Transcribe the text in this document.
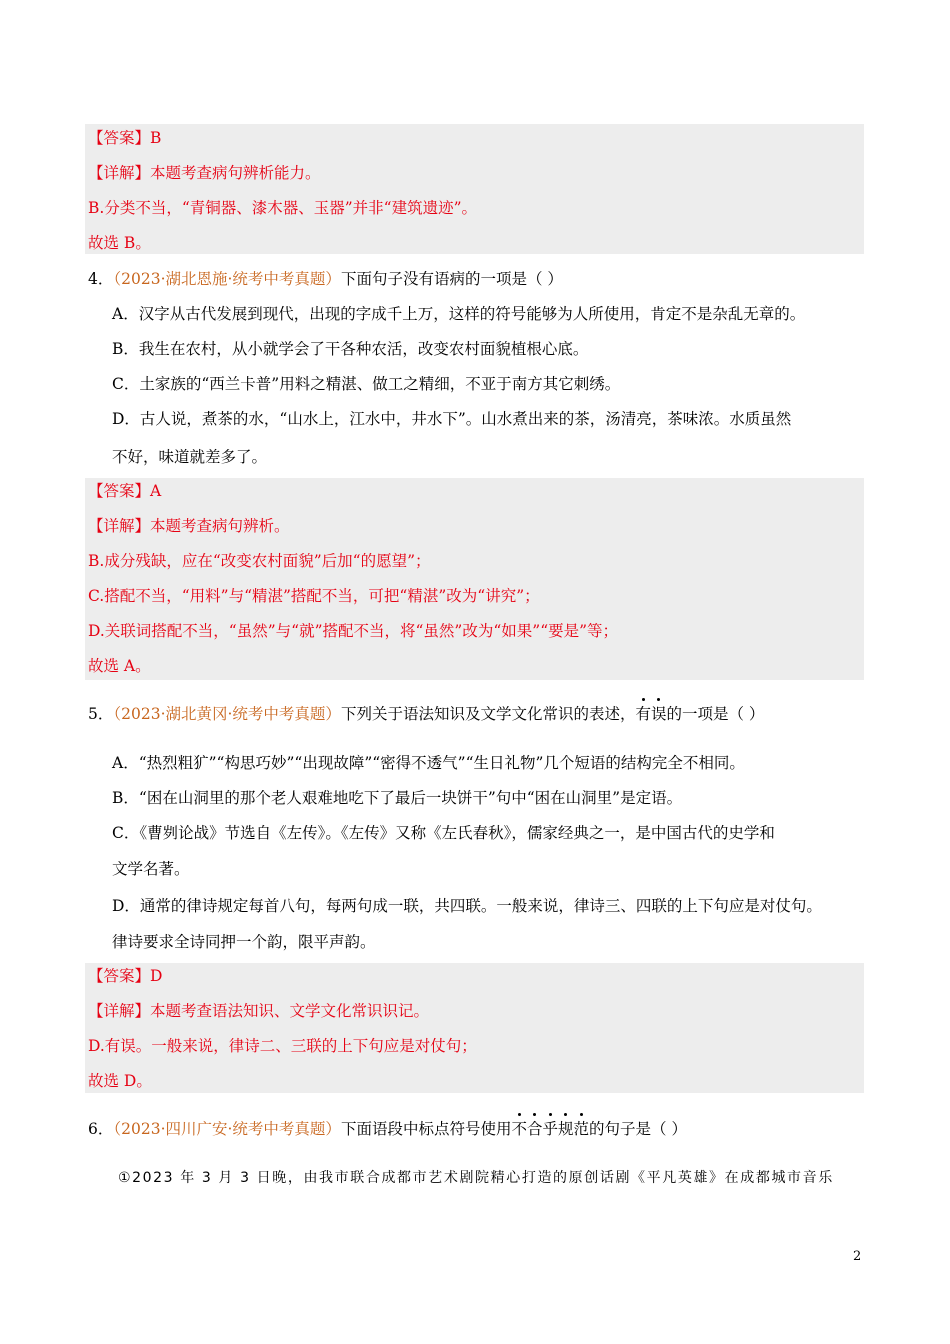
【答案】B
【详解】本题考查病句辨析能力。
B.分类不当，“青铜器、漆木器、玉器”并非“建筑遗迹”。
故选 B。
4．（2023·湖北恩施·统考中考真题）下面句子没有语病的一项是（ ）
A．汉字从古代发展到现代，出现的字成千上万，这样的符号能够为人所使用，肯定不是杂乱无章的。
B．我生在农村，从小就学会了干各种农活，改变农村面貌植根心底。
C．土家族的“西兰卡普”用料之精湛、做工之精细，不亚于南方其它刺绣。
D．古人说，煮茶的水，“山水上，江水中，井水下”。山水煮出来的茶，汤清亮，茶味浓。水质虽然
不好，味道就差多了。
【答案】A
【详解】本题考查病句辨析。
B.成分残缺，应在“改变农村面貌”后加“的愿望”；
C.搭配不当，“用料”与“精湛”搭配不当，可把“精湛”改为“讲究”；
D.关联词搭配不当，“虽然”与“就”搭配不当，将“虽然”改为“如果”“要是”等；
故选 A。
5．（2023·湖北黄冈·统考中考真题）下列关于语法知识及文学文化常识的表述，有误的一项是（ ）
A．“热烈粗犷”“构思巧妙”“出现故障”“密得不透气”“生日礼物”几个短语的结构完全不相同。
B．“困在山洞里的那个老人艰难地吃下了最后一块饼干”句中“困在山洞里”是定语。
C．《曹刿论战》节选自《左传》。《左传》又称《左氏春秋》，儒家经典之一，是中国古代的史学和
文学名著。
D．通常的律诗规定每首八句，每两句成一联，共四联。一般来说，律诗三、四联的上下句应是对仗句。
律诗要求全诗同押一个韵，限平声韵。
【答案】D
【详解】本题考查语法知识、文学文化常识识记。
D.有误。一般来说，律诗二、三联的上下句应是对仗句；
故选 D。
6．（2023·四川广安·统考中考真题）下面语段中标点符号使用不合乎规范的句子是（ ）
①2023 年 3 月 3 日晚，由我市联合成都市艺术剧院精心打造的原创话剧《平凡英雄》在成都城市音乐
2
